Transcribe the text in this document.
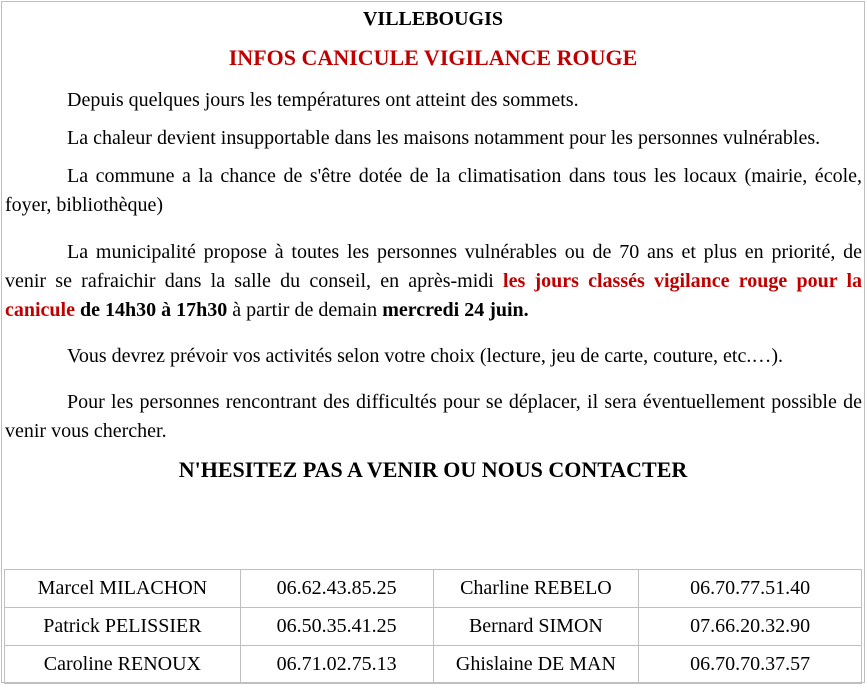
VILLEBOUGIS
INFOS CANICULE VIGILANCE ROUGE

Depuis quelques jours les températures ont atteint des sommets.

La chaleur devient insupportable dans les maisons notamment pour les personnes vulnérables.

La commune a la chance de s'être dotée de la climatisation dans tous les locaux (mairie, école, foyer, bibliothèque)

La municipalité propose à toutes les personnes vulnérables ou de 70 ans et plus en priorité, de venir se rafraichir dans la salle du conseil, en après-midi les jours classés vigilance rouge pour la canicule de 14h30 à 17h30 à partir de demain mercredi 24 juin.

Vous devrez prévoir vos activités selon votre choix (lecture, jeu de carte, couture, etc.…).

Pour les personnes rencontrant des difficultés pour se déplacer, il sera éventuellement possible de venir vous chercher.

N'HESITEZ PAS A VENIR OU NOUS CONTACTER
Marcel MILACHON	06.62.43.85.25	Charline REBELO	06.70.77.51.40
Patrick PELISSIER	06.50.35.41.25	Bernard SIMON	07.66.20.32.90
Caroline RENOUX	06.71.02.75.13	Ghislaine DE MAN	06.70.70.37.57
